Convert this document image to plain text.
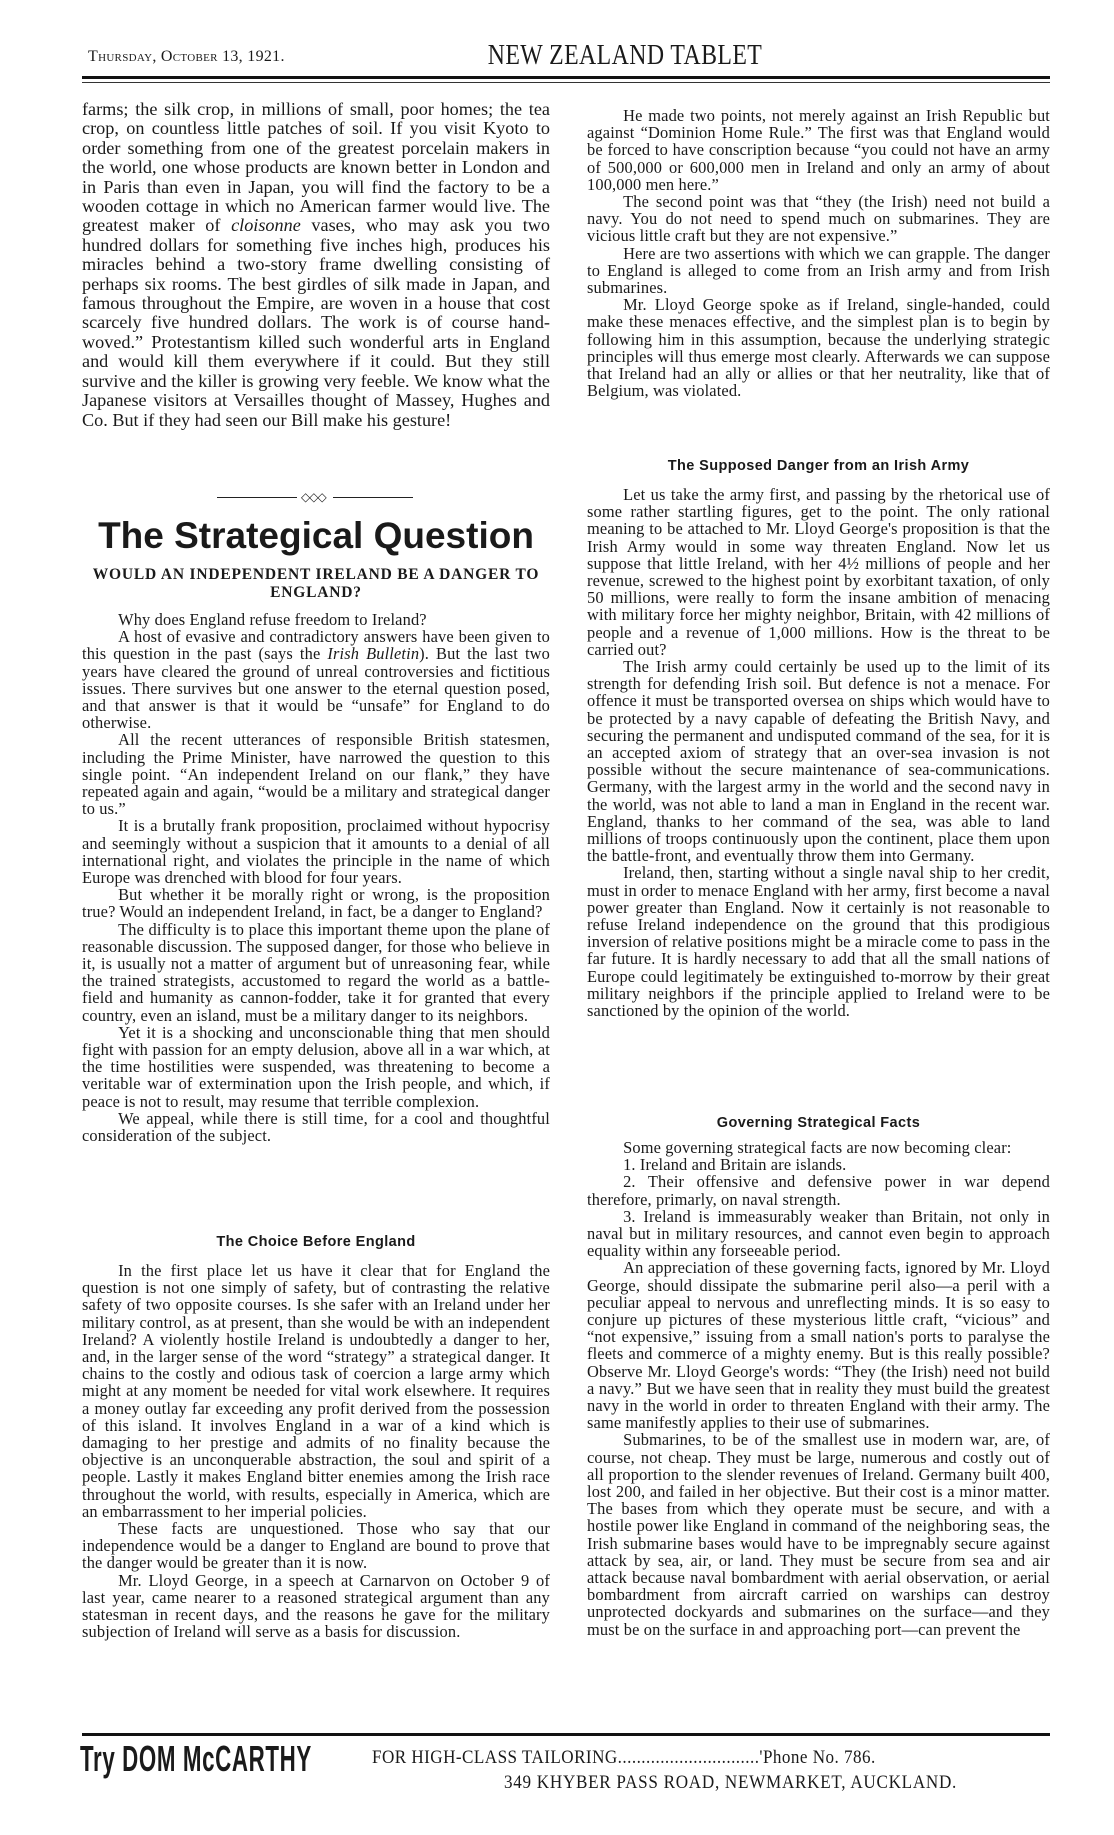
Thursday, October 13, 1921.	NEW ZEALAND TABLET

farms; the silk crop, in millions of small, poor homes; the tea crop, on countless little patches of soil. If you visit Kyoto to order something from one of the greatest porcelain makers in the world, one whose products are known better in London and in Paris than even in Japan, you will find the factory to be a wooden cottage in which no American farmer would live. The greatest maker of cloisonne vases, who may ask you two hundred dollars for something five inches high, produces his miracles behind a two-story frame dwelling consisting of perhaps six rooms. The best girdles of silk made in Japan, and famous throughout the Empire, are woven in a house that cost scarcely five hundred dollars. The work is of course hand-woved.” Protestantism killed such wonderful arts in England and would kill them everywhere if it could. But they still survive and the killer is growing very feeble. We know what the Japanese visitors at Versailles thought of Massey, Hughes and Co. But if they had seen our Bill make his gesture!

◇◇◇
The Strategical Question
WOULD AN INDEPENDENT IRELAND BE A DANGER TO ENGLAND?

Why does England refuse freedom to Ireland?

A host of evasive and contradictory answers have been given to this question in the past (says the Irish Bulletin). But the last two years have cleared the ground of unreal controversies and fictitious issues. There survives but one answer to the eternal question posed, and that answer is that it would be “unsafe” for England to do otherwise.

All the recent utterances of responsible British statesmen, including the Prime Minister, have narrowed the question to this single point. “An independent Ireland on our flank,” they have repeated again and again, “would be a military and strategical danger to us.”

It is a brutally frank proposition, proclaimed without hypocrisy and seemingly without a suspicion that it amounts to a denial of all international right, and violates the principle in the name of which Europe was drenched with blood for four years.

But whether it be morally right or wrong, is the proposition true? Would an independent Ireland, in fact, be a danger to England?

The difficulty is to place this important theme upon the plane of reasonable discussion. The supposed danger, for those who believe in it, is usually not a matter of argument but of unreasoning fear, while the trained strategists, accustomed to regard the world as a battle-field and humanity as cannon-fodder, take it for granted that every country, even an island, must be a military danger to its neighbors.

Yet it is a shocking and unconscionable thing that men should fight with passion for an empty delusion, above all in a war which, at the time hostilities were suspended, was threatening to become a veritable war of extermination upon the Irish people, and which, if peace is not to result, may resume that terrible complexion.

We appeal, while there is still time, for a cool and thoughtful consideration of the subject.

The Choice Before England

In the first place let us have it clear that for England the question is not one simply of safety, but of contrasting the relative safety of two opposite courses. Is she safer with an Ireland under her military control, as at present, than she would be with an independent Ireland? A violently hostile Ireland is undoubtedly a danger to her, and, in the larger sense of the word “strategy” a strategical danger. It chains to the costly and odious task of coercion a large army which might at any moment be needed for vital work elsewhere. It requires a money outlay far exceeding any profit derived from the possession of this island. It involves England in a war of a kind which is damaging to her prestige and admits of no finality because the objective is an unconquerable abstraction, the soul and spirit of a people. Lastly it makes England bitter enemies among the Irish race throughout the world, with results, especially in America, which are an embarrassment to her imperial policies.

These facts are unquestioned. Those who say that our independence would be a danger to England are bound to prove that the danger would be greater than it is now.

Mr. Lloyd George, in a speech at Carnarvon on October 9 of last year, came nearer to a reasoned strategical argument than any statesman in recent days, and the reasons he gave for the military subjection of Ireland will serve as a basis for discussion.

He made two points, not merely against an Irish Republic but against “Dominion Home Rule.” The first was that England would be forced to have conscription because “you could not have an army of 500,000 or 600,000 men in Ireland and only an army of about 100,000 men here.”

The second point was that “they (the Irish) need not build a navy. You do not need to spend much on submarines. They are vicious little craft but they are not expensive.”

Here are two assertions with which we can grapple. The danger to England is alleged to come from an Irish army and from Irish submarines.

Mr. Lloyd George spoke as if Ireland, single-handed, could make these menaces effective, and the simplest plan is to begin by following him in this assumption, because the underlying strategic principles will thus emerge most clearly. Afterwards we can suppose that Ireland had an ally or allies or that her neutrality, like that of Belgium, was violated.

The Supposed Danger from an Irish Army

Let us take the army first, and passing by the rhetorical use of some rather startling figures, get to the point. The only rational meaning to be attached to Mr. Lloyd George's proposition is that the Irish Army would in some way threaten England. Now let us suppose that little Ireland, with her 4½ millions of people and her revenue, screwed to the highest point by exorbitant taxation, of only 50 millions, were really to form the insane ambition of menacing with military force her mighty neighbor, Britain, with 42 millions of people and a revenue of 1,000 millions. How is the threat to be carried out?

The Irish army could certainly be used up to the limit of its strength for defending Irish soil. But defence is not a menace. For offence it must be transported oversea on ships which would have to be protected by a navy capable of defeating the British Navy, and securing the permanent and undisputed command of the sea, for it is an accepted axiom of strategy that an over-sea invasion is not possible without the secure maintenance of sea-communications. Germany, with the largest army in the world and the second navy in the world, was not able to land a man in England in the recent war. England, thanks to her command of the sea, was able to land millions of troops continuously upon the continent, place them upon the battle-front, and eventually throw them into Germany.

Ireland, then, starting without a single naval ship to her credit, must in order to menace England with her army, first become a naval power greater than England. Now it certainly is not reasonable to refuse Ireland independence on the ground that this prodigious inversion of relative positions might be a miracle come to pass in the far future. It is hardly necessary to add that all the small nations of Europe could legitimately be extinguished to-morrow by their great military neighbors if the principle applied to Ireland were to be sanctioned by the opinion of the world.

Governing Strategical Facts

Some governing strategical facts are now becoming clear:

1. Ireland and Britain are islands.

2. Their offensive and defensive power in war depend therefore, primarly, on naval strength.

3. Ireland is immeasurably weaker than Britain, not only in naval but in military resources, and cannot even begin to approach equality within any forseeable period.

An appreciation of these governing facts, ignored by Mr. Lloyd George, should dissipate the submarine peril also—a peril with a peculiar appeal to nervous and unreflecting minds. It is so easy to conjure up pictures of these mysterious little craft, “vicious” and “not expensive,” issuing from a small nation's ports to paralyse the fleets and commerce of a mighty enemy. But is this really possible? Observe Mr. Lloyd George's words: “They (the Irish) need not build a navy.” But we have seen that in reality they must build the greatest navy in the world in order to threaten England with their army. The same manifestly applies to their use of submarines.

Submarines, to be of the smallest use in modern war, are, of course, not cheap. They must be large, numerous and costly out of all proportion to the slender revenues of Ireland. Germany built 400, lost 200, and failed in her objective. But their cost is a minor matter. The bases from which they operate must be secure, and with a hostile power like England in command of the neighboring seas, the Irish submarine bases would have to be impregnably secure against attack by sea, air, or land. They must be secure from sea and air attack because naval bombardment with aerial observation, or aerial bombardment from aircraft carried on warships can destroy unprotected dockyards and submarines on the surface—and they must be on the surface in and approaching port—can prevent the

Try DOM McCARTHY	FOR HIGH-CLASS TAILORING..............................'Phone No. 786.
349 KHYBER PASS ROAD, NEWMARKET, AUCKLAND.
